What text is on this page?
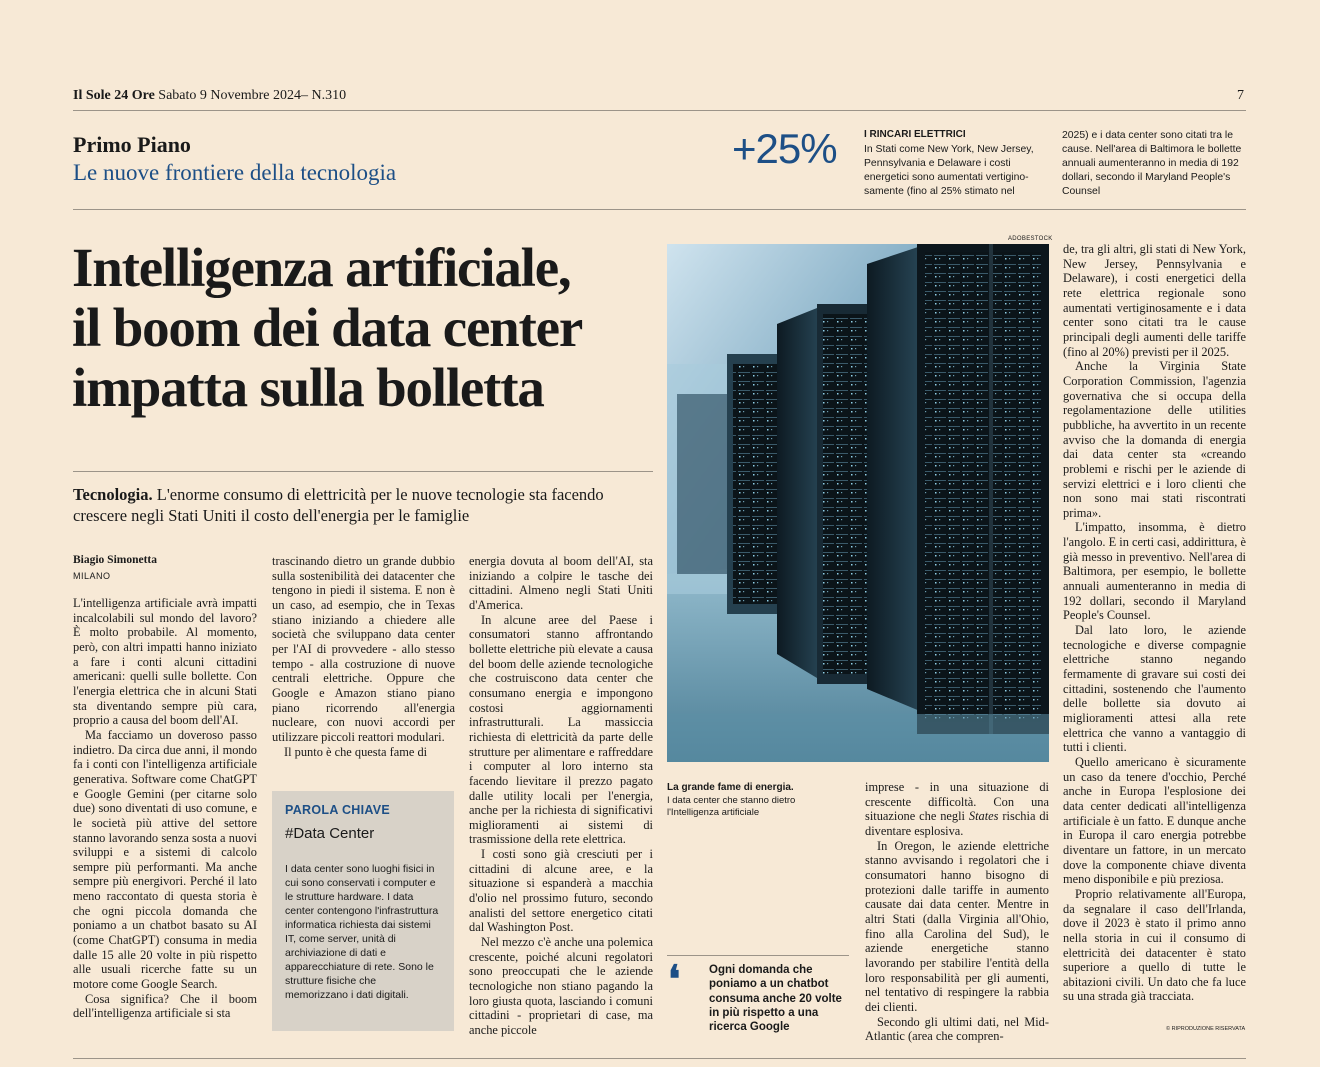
Il Sole 24 Ore Sabato 9 Novembre 2024– N.310	7
Primo Piano
Le nuove frontiere della tecnologia
+25%	I RINCARI ELETTRICI
In Stati come New York, New Jersey, Pennsylvania e Delaware i costi energetici sono aumentati vertigino-samente (fino al 25% stimato nel
2025) e i data center sono citati tra le cause. Nell'area di Baltimora le bollette annuali aumenteranno in media di 192 dollari, secondo il Maryland People's Counsel
Intelligenza artificiale,
il boom dei data center
impatta sulla bolletta
Tecnologia. L'enorme consumo di elettricità per le nuove tecnologie sta facendo crescere negli Stati Uniti il costo dell'energia per le famiglie
Biagio Simonetta
MILANO

L'intelligenza artificiale avrà impatti incalcolabili sul mondo del lavoro? È molto probabile. Al momento, però, con altri impatti hanno iniziato a fare i conti alcuni cittadini americani: quelli sulle bollette. Con l'energia elettrica che in alcuni Stati sta diventando sempre più cara, proprio a causa del boom dell'AI.

Ma facciamo un doveroso passo indietro. Da circa due anni, il mondo fa i conti con l'intelligenza artificiale generativa. Software come ChatGPT e Google Gemini (per citarne solo due) sono diventati di uso comune, e le società più attive del settore stanno lavorando senza sosta a nuovi sviluppi e a sistemi di calcolo sempre più performanti. Ma anche sempre più energivori. Perché il lato meno raccontato di questa storia è che ogni piccola domanda che poniamo a un chatbot basato su AI (come ChatGPT) consuma in media dalle 15 alle 20 volte in più rispetto alle usuali ricerche fatte su un motore come Google Search.

Cosa significa? Che il boom dell'intelligenza artificiale si sta

trascinando dietro un grande dubbio sulla sostenibilità dei datacenter che tengono in piedi il sistema. E non è un caso, ad esempio, che in Texas stiano iniziando a chiedere alle società che sviluppano data center per l'AI di provvedere - allo stesso tempo - alla costruzione di nuove centrali elettriche. Oppure che Google e Amazon stiano piano piano ricorrendo all'energia nucleare, con nuovi accordi per utilizzare piccoli reattori modulari.

Il punto è che questa fame di

PAROLA CHIAVE
#Data Center
I data center sono luoghi fisici in cui sono conservati i computer e le strutture hardware. I data center contengono l'infrastruttura informatica richiesta dai sistemi IT, come server, unità di archiviazione di dati e apparecchiature di rete. Sono le strutture fisiche che memorizzano i dati digitali.

energia dovuta al boom dell'AI, sta iniziando a colpire le tasche dei cittadini. Almeno negli Stati Uniti d'America.

In alcune aree del Paese i consumatori stanno affrontando bollette elettriche più elevate a causa del boom delle aziende tecnologiche che costruiscono data center che consumano energia e impongono costosi aggiornamenti infrastrutturali. La massiccia richiesta di elettricità da parte delle strutture per alimentare e raffreddare i computer al loro interno sta facendo lievitare il prezzo pagato dalle utility locali per l'energia, anche per la richiesta di significativi miglioramenti ai sistemi di trasmissione della rete elettrica.

I costi sono già cresciuti per i cittadini di alcune aree, e la situazione si espanderà a macchia d'olio nel prossimo futuro, secondo analisti del settore energetico citati dal Washington Post.

Nel mezzo c'è anche una polemica crescente, poiché alcuni regolatori sono preoccupati che le aziende tecnologiche non stiano pagando la loro giusta quota, lasciando i comuni cittadini - proprietari di case, ma anche piccole

ADOBESTOCK
La grande fame di energia.
I data center che stanno dietro l'Intelligenza artificiale
❛	Ogni domanda che poniamo a un chatbot consuma anche 20 volte in più rispetto a una ricerca Google

imprese - in una situazione di crescente difficoltà. Con una situazione che negli States rischia di diventare esplosiva.

In Oregon, le aziende elettriche stanno avvisando i regolatori che i consumatori hanno bisogno di protezioni dalle tariffe in aumento causate dai data center. Mentre in altri Stati (dalla Virginia all'Ohio, fino alla Carolina del Sud), le aziende energetiche stanno lavorando per stabilire l'entità della loro responsabilità per gli aumenti, nel tentativo di respingere la rabbia dei clienti.

Secondo gli ultimi dati, nel Mid-Atlantic (area che compren-

de, tra gli altri, gli stati di New York, New Jersey, Pennsylvania e Delaware), i costi energetici della rete elettrica regionale sono aumentati vertiginosamente e i data center sono citati tra le cause principali degli aumenti delle tariffe (fino al 20%) previsti per il 2025.

Anche la Virginia State Corporation Commission, l'agenzia governativa che si occupa della regolamentazione delle utilities pubbliche, ha avvertito in un recente avviso che la domanda di energia dai data center sta «creando problemi e rischi per le aziende di servizi elettrici e i loro clienti che non sono mai stati riscontrati prima».

L'impatto, insomma, è dietro l'angolo. E in certi casi, addirittura, è già messo in preventivo. Nell'area di Baltimora, per esempio, le bollette annuali aumenteranno in media di 192 dollari, secondo il Maryland People's Counsel.

Dal lato loro, le aziende tecnologiche e diverse compagnie elettriche stanno negando fermamente di gravare sui costi dei cittadini, sostenendo che l'aumento delle bollette sia dovuto ai miglioramenti attesi alla rete elettrica che vanno a vantaggio di tutti i clienti.

Quello americano è sicuramente un caso da tenere d'occhio, Perché anche in Europa l'esplosione dei data center dedicati all'intelligenza artificiale è un fatto. E dunque anche in Europa il caro energia potrebbe diventare un fattore, in un mercato dove la componente chiave diventa meno disponibile e più preziosa.

Proprio relativamente all'Europa, da segnalare il caso dell'Irlanda, dove il 2023 è stato il primo anno nella storia in cui il consumo di elettricità dei datacenter è stato superiore a quello di tutte le abitazioni civili. Un dato che fa luce su una strada già tracciata.

© RIPRODUZIONE RISERVATA
